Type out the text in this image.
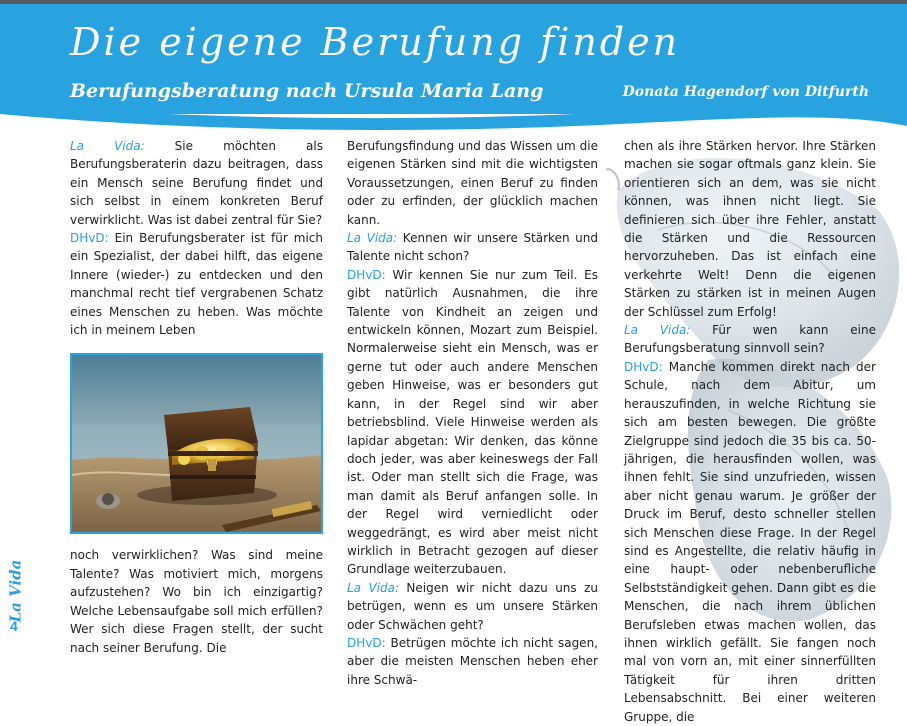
Die eigene Berufung finden
Berufungsberatung nach Ursula Maria Lang	Donata Hagendorf von Ditfurth

La Vida: Sie möchten als Berufungsberaterin dazu beitragen, dass ein Mensch seine Berufung findet und sich selbst in einem konkreten Beruf verwirklicht. Was ist dabei zentral für Sie?

DHvD: Ein Berufungsberater ist für mich ein Spezialist, der dabei hilft, das eigene Innere (wieder-) zu entdecken und den manchmal recht tief vergrabenen Schatz eines Menschen zu heben. Was möchte ich in meinem Leben

noch verwirklichen? Was sind meine Talente? Was motiviert mich, morgens aufzustehen? Wo bin ich einzigartig? Welche Lebensaufgabe soll mich erfüllen? Wer sich diese Fragen stellt, der sucht nach seiner Berufung. Die

Berufungsfindung und das Wissen um die eigenen Stärken sind mit die wichtigsten Voraussetzungen, einen Beruf zu finden oder zu erfinden, der glücklich machen kann.

La Vida: Kennen wir unsere Stärken und Talente nicht schon?

DHvD: Wir kennen Sie nur zum Teil. Es gibt natürlich Ausnahmen, die ihre Talente von Kindheit an zeigen und entwickeln können, Mozart zum Beispiel. Normalerweise sieht ein Mensch, was er gerne tut oder auch andere Menschen geben Hinweise, was er besonders gut kann, in der Regel sind wir aber betriebsblind. Viele Hinweise werden als lapidar abgetan: Wir denken, das könne doch jeder, was aber keineswegs der Fall ist. Oder man stellt sich die Frage, was man damit als Beruf anfangen solle. In der Regel wird verniedlicht oder weggedrängt, es wird aber meist nicht wirklich in Betracht gezogen auf dieser Grundlage weiterzubauen.

La Vida: Neigen wir nicht dazu uns zu betrügen, wenn es um unsere Stärken oder Schwächen geht?

DHvD: Betrügen möchte ich nicht sagen, aber die meisten Menschen heben eher ihre Schwä-

chen als ihre Stärken hervor. Ihre Stärken machen sie sogar oftmals ganz klein. Sie orientieren sich an dem, was sie nicht können, was ihnen nicht liegt. Sie definieren sich über ihre Fehler, anstatt die Stärken und die Ressourcen hervorzuheben. Das ist einfach eine verkehrte Welt! Denn die eigenen Stärken zu stärken ist in meinen Augen der Schlüssel zum Erfolg!

La Vida: Für wen kann eine Berufungsberatung sinnvoll sein?

DHvD: Manche kommen direkt nach der Schule, nach dem Abitur, um herauszufinden, in welche Richtung sie sich am besten bewegen. Die größte Zielgruppe sind jedoch die 35 bis ca. 50-jährigen, die herausfinden wollen, was ihnen fehlt. Sie sind unzufrieden, wissen aber nicht genau warum. Je größer der Druck im Beruf, desto schneller stellen sich Menschen diese Frage. In der Regel sind es Angestellte, die relativ häufig in eine haupt- oder nebenberufliche Selbstständigkeit gehen. Dann gibt es die Menschen, die nach ihrem üblichen Berufsleben etwas machen wollen, das ihnen wirklich gefällt. Sie fangen noch mal von vorn an, mit einer sinnerfüllten Tätigkeit für ihren dritten Lebensabschnitt. Bei einer weiteren Gruppe, die

La Vida
4
